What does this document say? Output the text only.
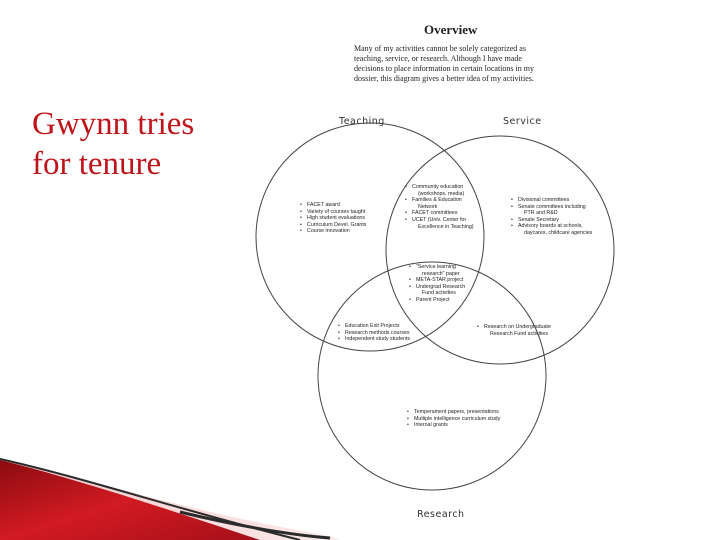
Gwynn tries
for tenure
Overview
Many of my activities cannot be solely categorized as
teaching, service, or research. Although I have made
decisions to place information in certain locations in my
dossier, this diagram gives a better idea of my activities.
Teaching	Service
Research
• FACET award
• Variety of courses taught
• High student evaluations
• Curriculum Devel. Grants
• Course innovation
• Community education
(workshops, media)
• Families & Education
Network
• FACET committees
• UCET (Univ. Center for
Excellence in Teaching)
• Divisional committees
• Senate committees including
PTR and R&D
• Senate Secretary
• Advisory boards at schools,
daycares, childcare agencies
• "Service learning
research" paper
• META-STAR project
• Undergrad Research
Fund activities
• Parent Project
• Education Exit Projects
• Research methods courses
• Independent study students
• Research on Undergraduate
Research Fund activities
• Temperament papers, presentations
• Multiple intelligence curriculum study
• Internal grants
